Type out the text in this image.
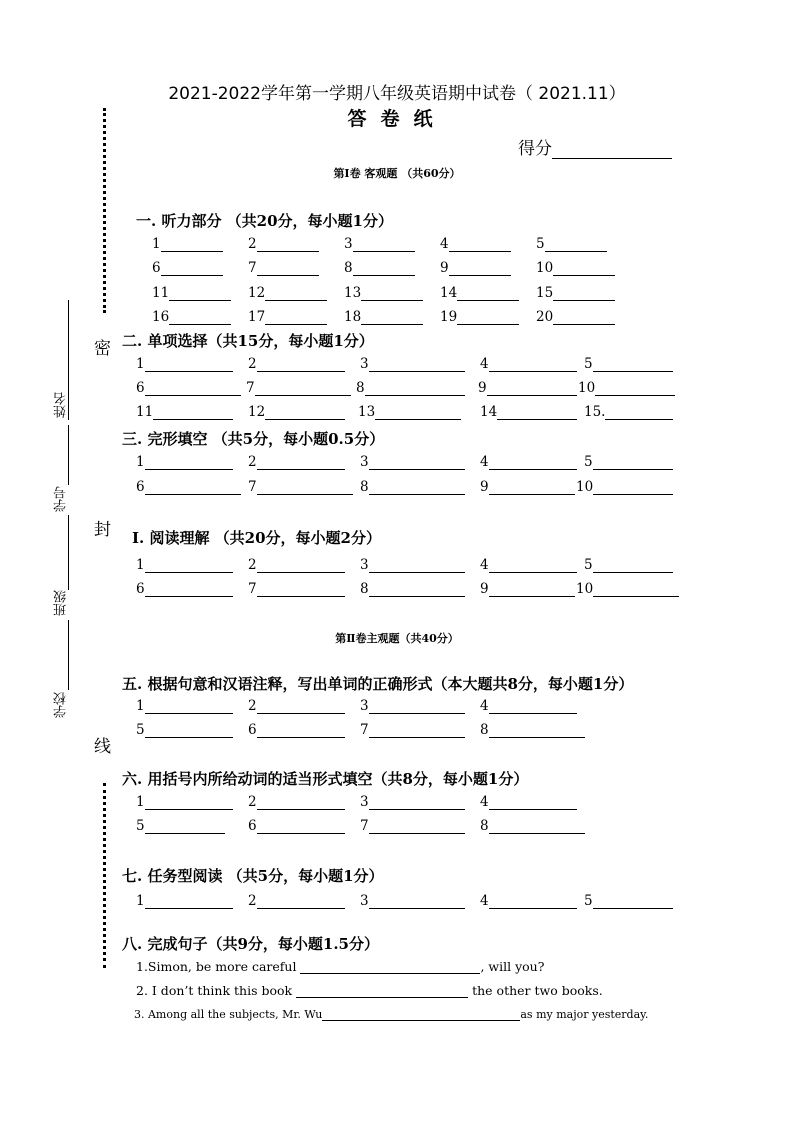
2021-2022学年第一学期八年级英语期中试卷（ 2021.11）
答卷纸
得分
第Ⅰ卷 客观题 （共60分）
密
封
线
姓名
学号
班级
学校
一. 听力部分 （共20分，每小题1分）
1	2	3	4	5
6	7	8	9	10
11	12	13	14	15
16	17	18	19	20
二. 单项选择（共15分，每小题1分）
1	2	3	4	5
6	7	8	9	10
11	12	13	14	15.
三. 完形填空 （共5分，每小题0.5分）
1	2	3	4	5
6	7	8	9	10
Ⅰ. 阅读理解 （共20分，每小题2分）
1	2	3	4	5
6	7	8	9	10
第Ⅱ卷主观题（共40分）
五. 根据句意和汉语注释，写出单词的正确形式（本大题共8分，每小题1分）
1	2	3	4
5	6	7	8
六. 用括号内所给动词的适当形式填空（共8分，每小题1分）
1	2	3	4
5	6	7	8
七. 任务型阅读 （共5分，每小题1分）
1	2	3	4	5
八. 完成句子（共9分，每小题1.5分）
1.Simon, be more careful	, will you?
2. I don’t think this book	the other two books.
3. Among all the subjects, Mr. Wu	as my major yesterday.
